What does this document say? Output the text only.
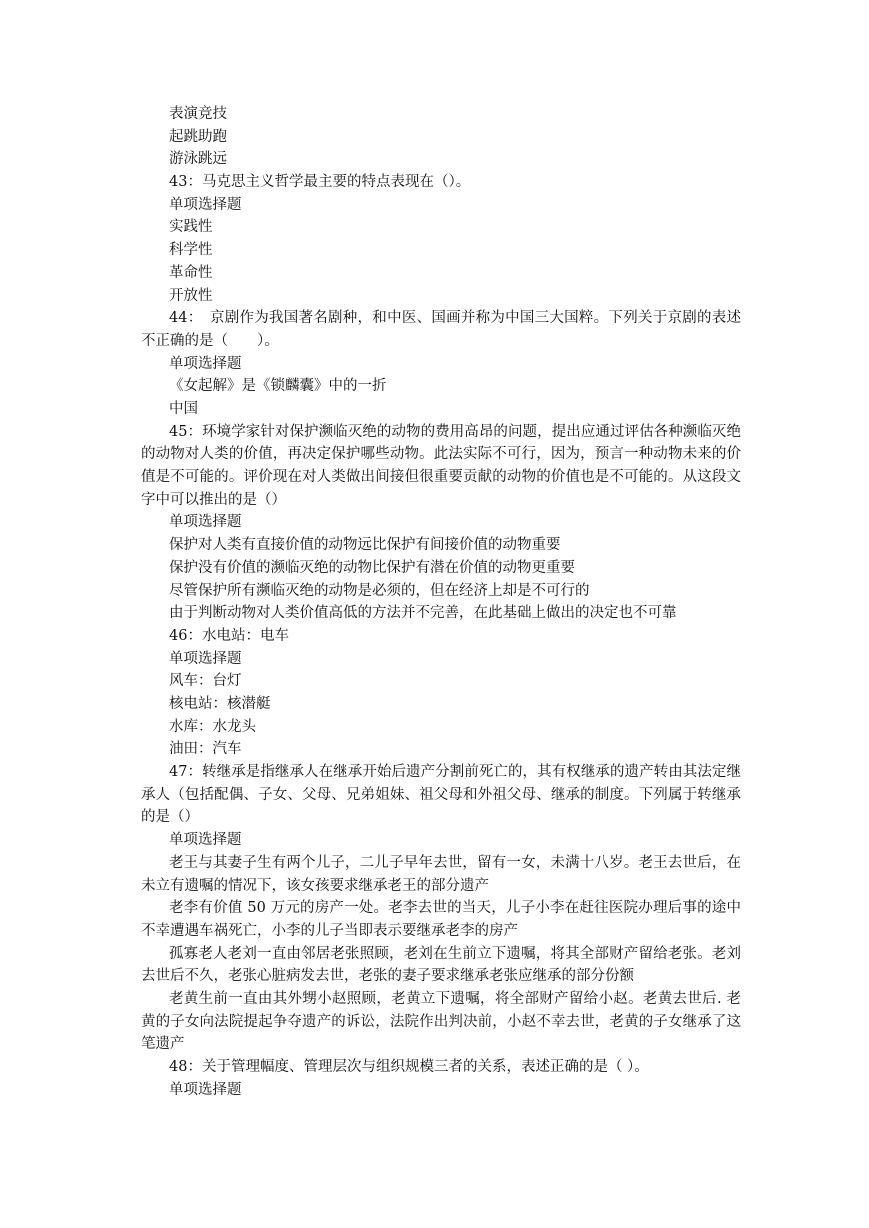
表演竞技

起跳助跑

游泳跳远

43：马克思主义哲学最主要的特点表现在（）。

单项选择题

实践性

科学性

革命性

开放性

44：　京剧作为我国著名剧种，和中医、国画并称为中国三大国粹。下列关于京剧的表述不正确的是（　　）。

单项选择题

《女起解》是《锁麟囊》中的一折

中国

45：环境学家针对保护濒临灭绝的动物的费用高昂的问题，提出应通过评估各种濒临灭绝的动物对人类的价值，再决定保护哪些动物。此法实际不可行，因为，预言一种动物未来的价值是不可能的。评价现在对人类做出间接但很重要贡献的动物的价值也是不可能的。从这段文字中可以推出的是（）

单项选择题

保护对人类有直接价值的动物远比保护有间接价值的动物重要

保护没有价值的濒临灭绝的动物比保护有潜在价值的动物更重要

尽管保护所有濒临灭绝的动物是必须的，但在经济上却是不可行的

由于判断动物对人类价值高低的方法并不完善，在此基础上做出的决定也不可靠

46：水电站：电车

单项选择题

风车：台灯

核电站：核潜艇

水库：水龙头

油田：汽车

47：转继承是指继承人在继承开始后遗产分割前死亡的，其有权继承的遗产转由其法定继承人（包括配偶、子女、父母、兄弟姐妹、祖父母和外祖父母、继承的制度。下列属于转继承的是（）

单项选择题

老王与其妻子生有两个儿子，二儿子早年去世，留有一女，未满十八岁。老王去世后，在未立有遗嘱的情况下，该女孩要求继承老王的部分遗产

老李有价值 50 万元的房产一处。老李去世的当天，儿子小李在赶往医院办理后事的途中不幸遭遇车祸死亡，小李的儿子当即表示要继承老李的房产

孤寡老人老刘一直由邻居老张照顾，老刘在生前立下遗嘱，将其全部财产留给老张。老刘去世后不久，老张心脏病发去世，老张的妻子要求继承老张应继承的部分份额

老黄生前一直由其外甥小赵照顾，老黄立下遗嘱，将全部财产留给小赵。老黄去世后. 老黄的子女向法院提起争夺遗产的诉讼，法院作出判决前，小赵不幸去世，老黄的子女继承了这笔遗产

48：关于管理幅度、管理层次与组织规模三者的关系，表述正确的是（ ）。

单项选择题
